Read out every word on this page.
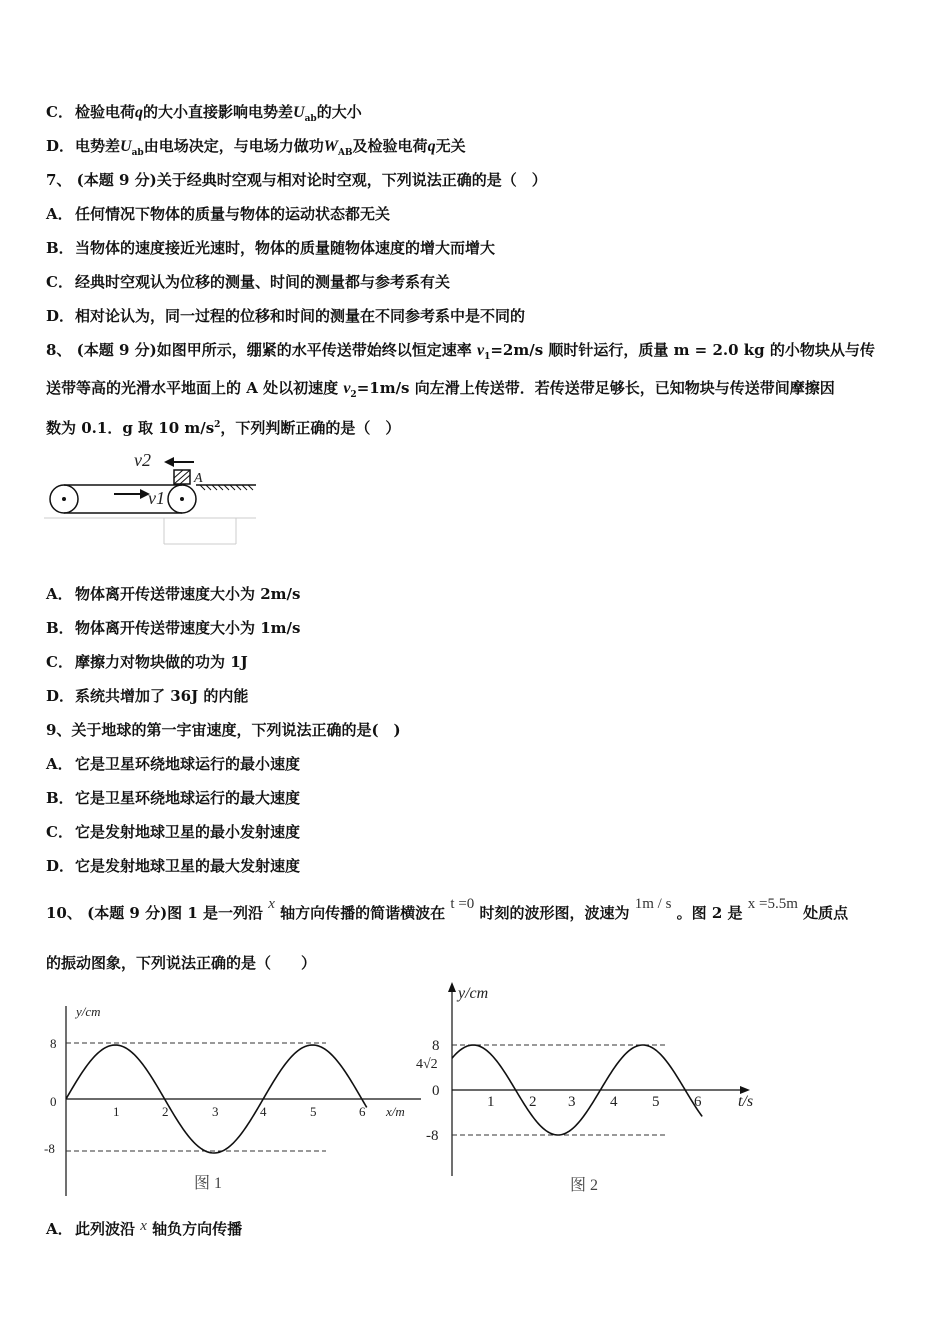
C． 检验电荷q的大小直接影响电势差$U_{ab}$的大小
D．电势差$U_{ab}$由电场决定，与电场力做功$W_{AB}$及检验电荷q无关
7、 (本题 9 分)关于经典时空观与相对论时空观，下列说法正确的是（　）
A． 任何情况下物体的质量与物体的运动状态都无关
B．当物体的速度接近光速时，物体的质量随物体速度的增大而增大
C． 经典时空观认为位移的测量、时间的测量都与参考系有关
D．相对论认为，同一过程的位移和时间的测量在不同参考系中是不同的
8、 (本题 9 分)如图甲所示，绷紧的水平传送带始终以恒定速率 $v_1=2m/s$ 顺时针运行，质量 m = 2.0 kg 的小物块从与传
送带等高的光滑水平地面上的 A 处以初速度 $v_2=1m/s$ 向左滑上传送带．若传送带足够长，已知物块与传送带间摩擦因
数为 0.1．g 取 10 $m/s^2$，下列判断正确的是（　）
v2
A
v1
A． 物体离开传送带速度大小为 2m/s
B．物体离开传送带速度大小为 1m/s
C． 摩擦力对物块做的功为 1J
D．系统共增加了 36J 的内能
9、关于地球的第一宇宙速度，下列说法正确的是(　)
A． 它是卫星环绕地球运行的最小速度
B．它是卫星环绕地球运行的最大速度
C． 它是发射地球卫星的最小发射速度
D．它是发射地球卫星的最大发射速度
10、 (本题 9 分)图 1 是一列沿 x 轴方向传播的简谐横波在 t =0 时刻的波形图，波速为 1m / s 。图 2 是 x =5.5m 处质点
的振动图象，下列说法正确的是（　　）
y/cm
x/m
8
0
-8
1	2	3	4	5	6
图 1
y/cm
t/s
8
4√2
0
-8
1 2 3 4 5 6
图 2
A． 此列波沿 x 轴负方向传播
